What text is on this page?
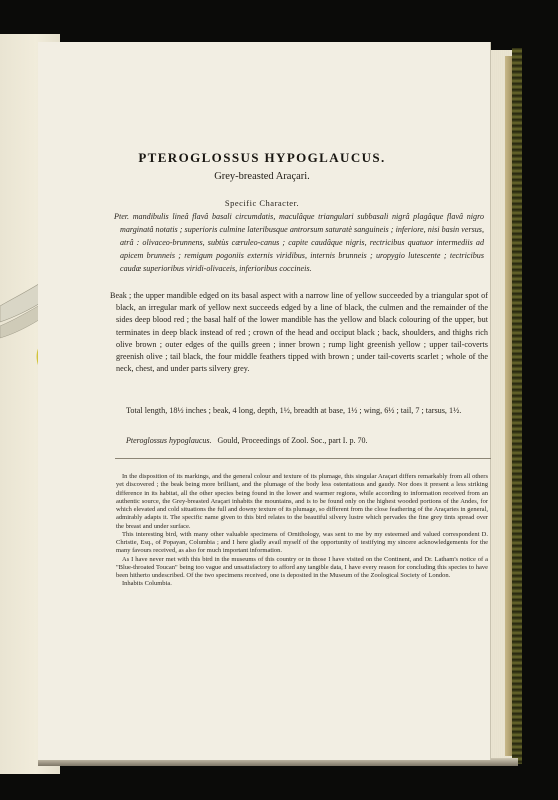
PTEROGLOSSUS HYPOGLAUCUS.
Grey-breasted Araçari.
Specific Character.
Pter. mandibulis lineâ flavâ basali circumdatis, maculâque triangulari subbasali nigrâ plagâque flavâ nigro marginatâ notatis ; superioris culmine lateribusque antrorsum saturatè sanguineis ; inferiore, nisi basin versus, atrâ : olivaceo-brunnens, subtùs cæruleo-canus ; capite caudâque nigris, rectricibus quatuor intermediis ad apicem brunneis ; remigum pogoniis externis viridibus, internis brunneis ; uropygio lutescente ; tectricibus caudæ superioribus viridi-olivaceis, inferioribus coccineis.

Beak ; the upper mandible edged on its basal aspect with a narrow line of yellow succeeded by a triangular spot of black, an irregular mark of yellow next succeeds edged by a line of black, the culmen and the remainder of the sides deep blood red ; the basal half of the lower mandible has the yellow and black colouring of the upper, but terminates in deep black instead of red ; crown of the head and occiput black ; back, shoulders, and thighs rich olive brown ; outer edges of the quills green ; inner brown ; rump light greenish yellow ; upper tail-coverts greenish olive ; tail black, the four middle feathers tipped with brown ; under tail-coverts scarlet ; whole of the neck, chest, and under parts silvery grey.

Total length, 18½ inches ; beak, 4 long, depth, 1½, breadth at base, 1½ ; wing, 6½ ; tail, 7 ; tarsus, 1½.
Pteroglossus hypoglaucus. Gould, Proceedings of Zool. Soc., part I. p. 70.

In the disposition of its markings, and the general colour and texture of its plumage, this singular Araçari differs remarkably from all others yet discovered ; the beak being more brilliant, and the plumage of the body less ostentatious and gaudy. Nor does it present a less striking difference in its habitat, all the other species being found in the lower and warmer regions, while according to information received from an authentic source, the Grey-breasted Araçari inhabits the mountains, and is to be found only on the highest wooded portions of the Andes, for which elevated and cold situations the full and downy texture of its plumage, so different from the close feathering of the Araçaries in general, admirably adapts it. The specific name given to this bird relates to the beautiful silvery lustre which pervades the fine grey tints spread over the breast and under surface.

This interesting bird, with many other valuable specimens of Ornithology, was sent to me by my esteemed and valued correspondent D. Christie, Esq., of Popayan, Columbia ; and I here gladly avail myself of the opportunity of testifying my sincere acknowledgements for the many favours received, as also for much important information.

As I have never met with this bird in the museums of this country or in those I have visited on the Continent, and Dr. Latham's notice of a "Blue-throated Toucan" being too vague and unsatisfactory to afford any tangible data, I have every reason for concluding this species to have been hitherto undescribed. Of the two specimens received, one is deposited in the Museum of the Zoological Society of London.

Inhabits Columbia.
